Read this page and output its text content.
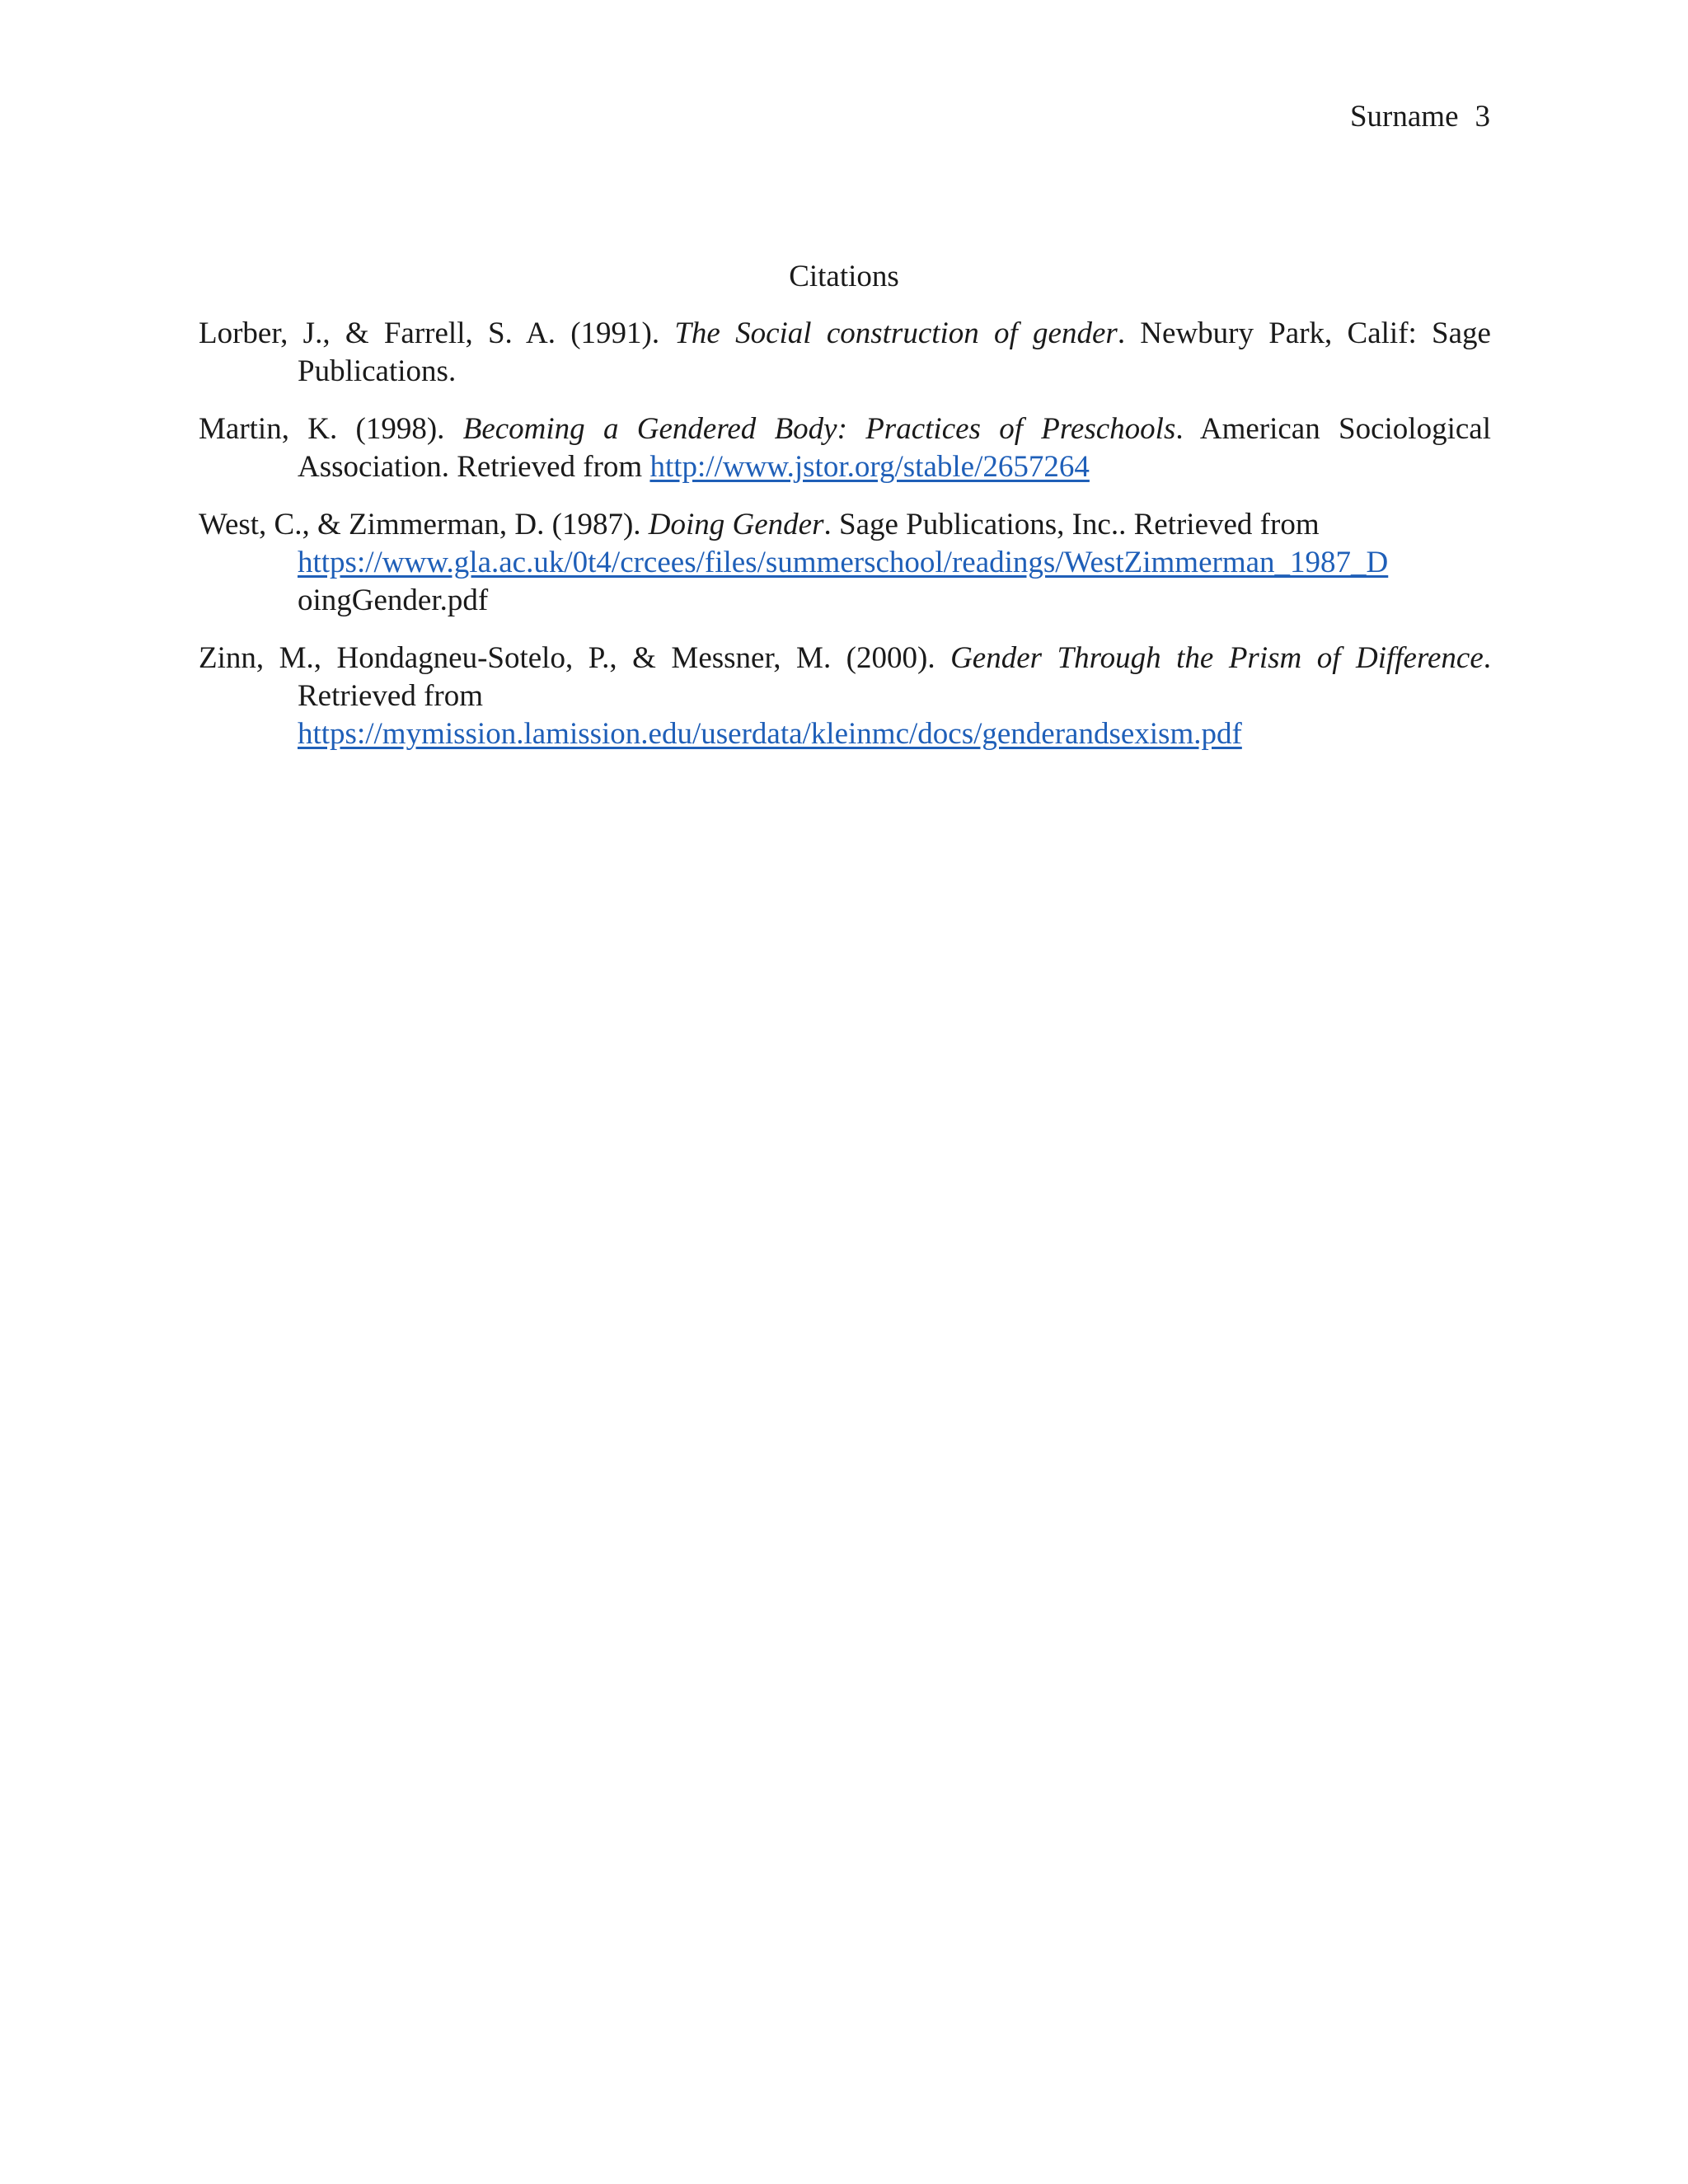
Surname 3
Citations

Lorber, J., & Farrell, S. A. (1991). The Social construction of gender. Newbury Park, Calif: Sage Publications.

Martin, K. (1998). Becoming a Gendered Body: Practices of Preschools. American Sociological Association. Retrieved from http://www.jstor.org/stable/2657264

West, C., & Zimmerman, D. (1987). Doing Gender. Sage Publications, Inc.. Retrieved from
https://www.gla.ac.uk/0t4/crcees/files/summerschool/readings/WestZimmerman_1987_D
oingGender.pdf

Zinn, M., Hondagneu-Sotelo, P., & Messner, M. (2000). Gender Through the Prism of Difference. Retrieved from
https://mymission.lamission.edu/userdata/kleinmc/docs/genderandsexism.pdf
